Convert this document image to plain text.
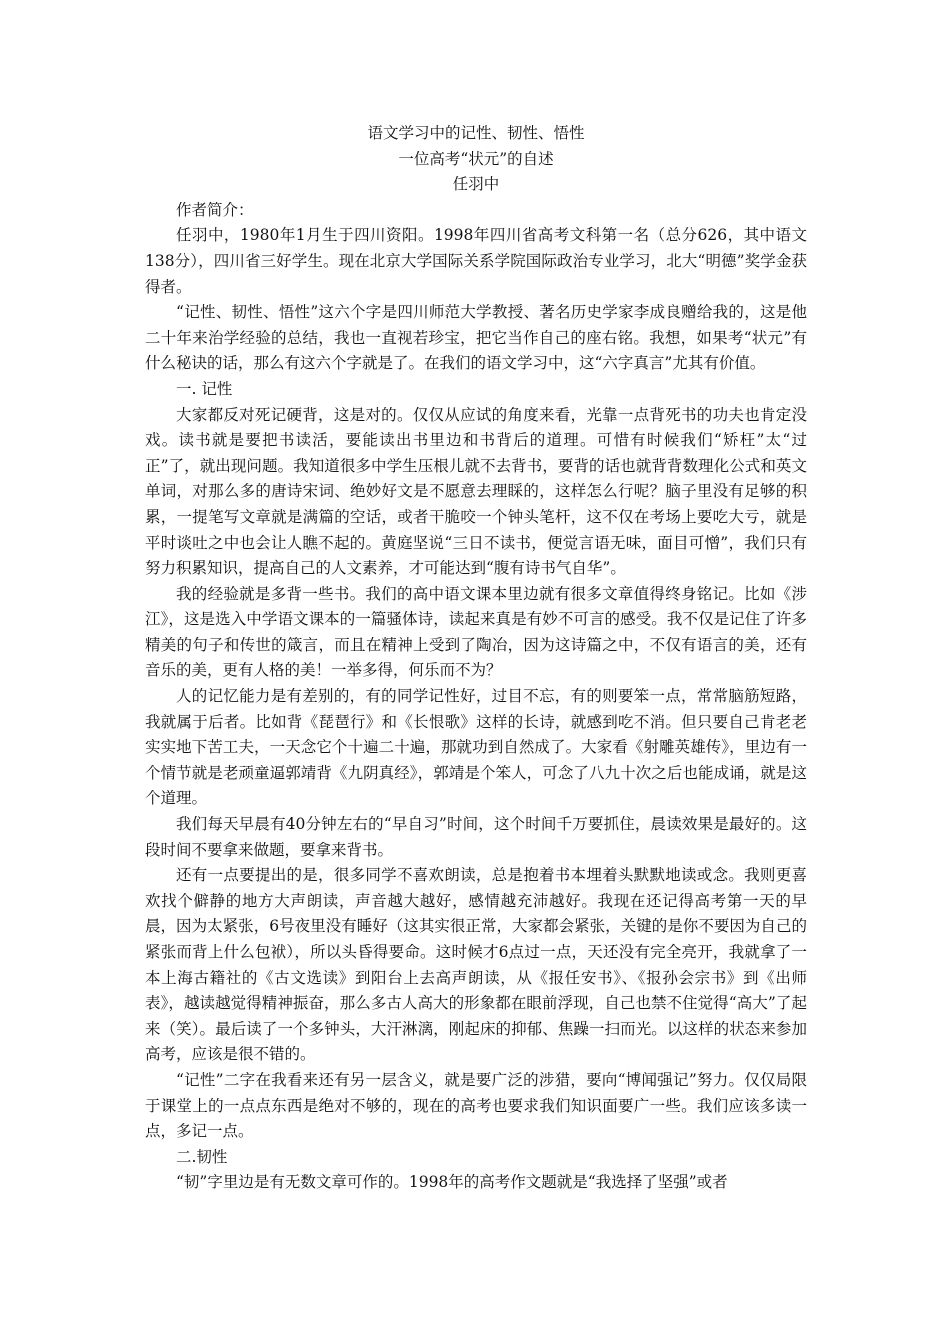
语文学习中的记性、韧性、悟性
一位高考“状元”的自述
任羽中

作者简介：

任羽中，1980年1月生于四川资阳。1998年四川省高考文科第一名（总分626，其中语文138分），四川省三好学生。现在北京大学国际关系学院国际政治专业学习，北大“明德”奖学金获得者。

“记性、韧性、悟性”这六个字是四川师范大学教授、著名历史学家李成良赠给我的，这是他二十年来治学经验的总结，我也一直视若珍宝，把它当作自己的座右铭。我想，如果考“状元”有什么秘诀的话，那么有这六个字就是了。在我们的语文学习中，这“六字真言”尤其有价值。

一. 记性

大家都反对死记硬背，这是对的。仅仅从应试的角度来看，光靠一点背死书的功夫也肯定没戏。读书就是要把书读活，要能读出书里边和书背后的道理。可惜有时候我们“矫枉”太“过正”了，就出现问题。我知道很多中学生压根儿就不去背书，要背的话也就背背数理化公式和英文单词，对那么多的唐诗宋词、绝妙好文是不愿意去理睬的，这样怎么行呢？脑子里没有足够的积累，一提笔写文章就是满篇的空话，或者干脆咬一个钟头笔杆，这不仅在考场上要吃大亏，就是平时谈吐之中也会让人瞧不起的。黄庭坚说“三日不读书，便觉言语无味，面目可憎”，我们只有努力积累知识，提高自己的人文素养，才可能达到“腹有诗书气自华”。

我的经验就是多背一些书。我们的高中语文课本里边就有很多文章值得终身铭记。比如《涉江》，这是选入中学语文课本的一篇骚体诗，读起来真是有妙不可言的感受。我不仅是记住了许多精美的句子和传世的箴言，而且在精神上受到了陶冶，因为这诗篇之中，不仅有语言的美，还有音乐的美，更有人格的美！一举多得，何乐而不为？

人的记忆能力是有差别的，有的同学记性好，过目不忘，有的则要笨一点，常常脑筋短路，我就属于后者。比如背《琵琶行》和《长恨歌》这样的长诗，就感到吃不消。但只要自己肯老老实实地下苦工夫，一天念它个十遍二十遍，那就功到自然成了。大家看《射雕英雄传》，里边有一个情节就是老顽童逼郭靖背《九阴真经》，郭靖是个笨人，可念了八九十次之后也能成诵，就是这个道理。

我们每天早晨有40分钟左右的“早自习”时间，这个时间千万要抓住，晨读效果是最好的。这段时间不要拿来做题，要拿来背书。

还有一点要提出的是，很多同学不喜欢朗读，总是抱着书本埋着头默默地读或念。我则更喜欢找个僻静的地方大声朗读，声音越大越好，感情越充沛越好。我现在还记得高考第一天的早晨，因为太紧张，6号夜里没有睡好（这其实很正常，大家都会紧张，关键的是你不要因为自己的紧张而背上什么包袱），所以头昏得要命。这时候才6点过一点，天还没有完全亮开，我就拿了一本上海古籍社的《古文选读》到阳台上去高声朗读，从《报任安书》、《报孙会宗书》到《出师表》，越读越觉得精神振奋，那么多古人高大的形象都在眼前浮现，自己也禁不住觉得“高大”了起来（笑）。最后读了一个多钟头，大汗淋漓，刚起床的抑郁、焦躁一扫而光。以这样的状态来参加高考，应该是很不错的。

“记性”二字在我看来还有另一层含义，就是要广泛的涉猎，要向“博闻强记”努力。仅仅局限于课堂上的一点点东西是绝对不够的，现在的高考也要求我们知识面要广一些。我们应该多读一点，多记一点。

二.韧性

“韧”字里边是有无数文章可作的。1998年的高考作文题就是“我选择了坚强”或者
